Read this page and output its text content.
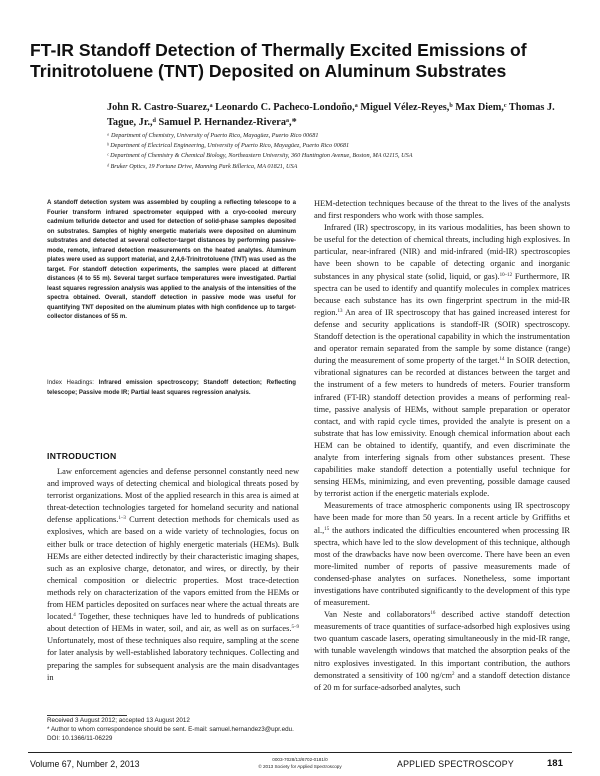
FT-IR Standoff Detection of Thermally Excited Emissions of Trinitrotoluene (TNT) Deposited on Aluminum Substrates
John R. Castro-Suarez,ᵃ Leonardo C. Pacheco-Londoño,ᵃ Miguel Vélez-Reyes,ᵇ Max Diem,ᶜ Thomas J. Tague, Jr.,ᵈ Samuel P. Hernandez-Riveraᵃ,*
ᵃ Department of Chemistry, University of Puerto Rico, Mayagüez, Puerto Rico 00681
ᵇ Department of Electrical Engineering, University of Puerto Rico, Mayagüez, Puerto Rico 00681
ᶜ Department of Chemistry & Chemical Biology, Northeastern University, 360 Huntington Avenue, Boston, MA 02115, USA
ᵈ Bruker Optics, 19 Fortune Drive, Manning Park Billerica, MA 01821, USA
A standoff detection system was assembled by coupling a reflecting telescope to a Fourier transform infrared spectrometer equipped with a cryo-cooled mercury cadmium telluride detector and used for detection of solid-phase samples deposited on substrates. Samples of highly energetic materials were deposited on aluminum substrates and detected at several collector-target distances by performing passive-mode, remote, infrared detection measurements on the heated analytes. Aluminum plates were used as support material, and 2,4,6-Trinitrotoluene (TNT) was used as the target. For standoff detection experiments, the samples were placed at different distances (4 to 55 m). Several target surface temperatures were investigated. Partial least squares regression analysis was applied to the analysis of the intensities of the spectra obtained. Overall, standoff detection in passive mode was useful for quantifying TNT deposited on the aluminum plates with high confidence up to target-collector distances of 55 m.
Index Headings: Infrared emission spectroscopy; Standoff detection; Reflecting telescope; Passive mode IR; Partial least squares regression analysis.
INTRODUCTION
Law enforcement agencies and defense personnel constantly need new and improved ways of detecting chemical and biological threats posed by terrorist organizations. Most of the applied research in this area is aimed at threat-detection technologies targeted for homeland security and national defense applications.$^{1-3}$ Current detection methods for chemicals used as explosives, which are based on a wide variety of technologies, focus on either bulk or trace detection of highly energetic materials (HEMs). Bulk HEMs are either detected indirectly by their characteristic imaging shapes, such as an explosive charge, detonator, and wires, or directly, by their chemical composition or dielectric properties. Most trace-detection methods rely on characterization of the vapors emitted from the HEMs or from HEM particles deposited on surfaces near where the actual threats are located.$^4$ Together, these techniques have led to hundreds of publications about detection of HEMs in water, soil, and air, as well as on surfaces.$^{5-9}$ Unfortunately, most of these techniques also require, sampling at the scene for later analysis by well-established laboratory techniques. Collecting and preparing the samples for subsequent analysis are the main disadvantages in

HEM-detection techniques because of the threat to the lives of the analysts and first responders who work with those samples.

Infrared (IR) spectroscopy, in its various modalities, has been shown to be useful for the detection of chemical threats, including high explosives. In particular, near-infrared (NIR) and mid-infrared (mid-IR) spectroscopies have been shown to be capable of detecting organic and inorganic substances in any physical state (solid, liquid, or gas).$^{10-12}$ Furthermore, IR spectra can be used to identify and quantify molecules in complex matrices because each substance has its own fingerprint spectrum in the mid-IR region.$^{13}$ An area of IR spectroscopy that has gained increased interest for defense and security applications is standoff-IR (SOIR) spectroscopy. Standoff detection is the operational capability in which the instrumentation and operator remain separated from the sample by some distance (range) during the measurement of some property of the target.$^{14}$ In SOIR detection, vibrational signatures can be recorded at distances between the target and the instrument of a few meters to hundreds of meters. Fourier transform infrared (FT-IR) standoff detection provides a means of performing real-time, passive analysis of HEMs, without sample preparation or operator contact, and with rapid cycle times, provided the analyte is present on a substrate that has low emissivity. Enough chemical information about each HEM can be obtained to identify, quantify, and even discriminate the analyte from interfering signals from other substances present. These capabilities make standoff detection a potentially useful technique for sensing HEMs, minimizing, and even preventing, possible damage caused by terrorist action if the energetic materials explode.

Measurements of trace atmospheric components using IR spectroscopy have been made for more than 50 years. In a recent article by Griffiths et al.,$^{15}$ the authors indicated the difficulties encountered when processing IR spectra, which have led to the slow development of this technique, although most of the drawbacks have now been overcome. There have been an even more-limited number of reports of passive measurements made of condensed-phase analytes on surfaces. Nonetheless, some important investigations have contributed significantly to the development of this type of measurement.

Van Neste and collaborators$^{16}$ described active standoff detection measurements of trace quantities of surface-adsorbed high explosives using two quantum cascade lasers, operating simultaneously in the mid-IR range, with tunable wavelength windows that matched the absorption peaks of the nitro explosives investigated. In this important contribution, the authors demonstrated a sensitivity of 100 $ng/cm^2$ and a standoff detection distance of 20 m for surface-adsorbed analytes, such

Received 3 August 2012; accepted 13 August 2012
* Author to whom correspondence should be sent. E-mail: samuel.hernandez3@upr.edu.
DOI: 10.1366/11-06229
Volume 67, Number 2, 2013	0003-7028/13/6702-0181/0
© 2013 Society for Applied Spectroscopy	APPLIED SPECTROSCOPY	181
